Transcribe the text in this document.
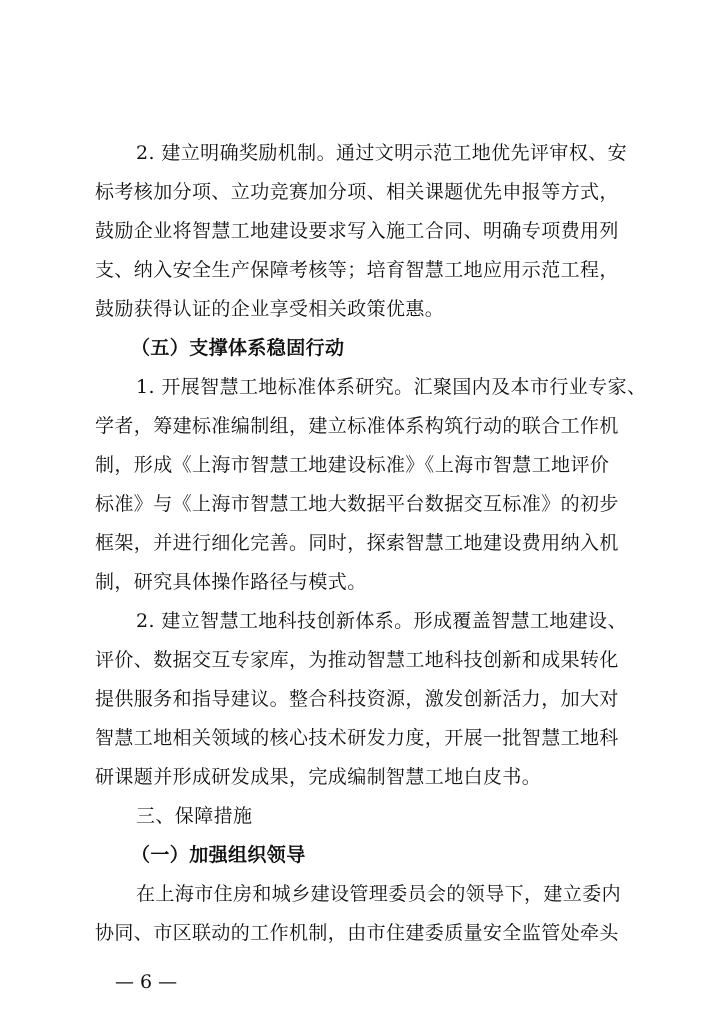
2. 建立明确奖励机制。通过文明示范工地优先评审权、安
标考核加分项、立功竞赛加分项、相关课题优先申报等方式，
鼓励企业将智慧工地建设要求写入施工合同、明确专项费用列
支、纳入安全生产保障考核等；培育智慧工地应用示范工程，
鼓励获得认证的企业享受相关政策优惠。
（五）支撑体系稳固行动
1. 开展智慧工地标准体系研究。汇聚国内及本市行业专家、
学者，筹建标准编制组，建立标准体系构筑行动的联合工作机
制，形成《上海市智慧工地建设标准》《上海市智慧工地评价
标准》与《上海市智慧工地大数据平台数据交互标准》的初步
框架，并进行细化完善。同时，探索智慧工地建设费用纳入机
制，研究具体操作路径与模式。
2. 建立智慧工地科技创新体系。形成覆盖智慧工地建设、
评价、数据交互专家库，为推动智慧工地科技创新和成果转化
提供服务和指导建议。整合科技资源，激发创新活力，加大对
智慧工地相关领域的核心技术研发力度，开展一批智慧工地科
研课题并形成研发成果，完成编制智慧工地白皮书。
三、保障措施
（一）加强组织领导
在上海市住房和城乡建设管理委员会的领导下，建立委内
协同、市区联动的工作机制，由市住建委质量安全监管处牵头
— 6 —
